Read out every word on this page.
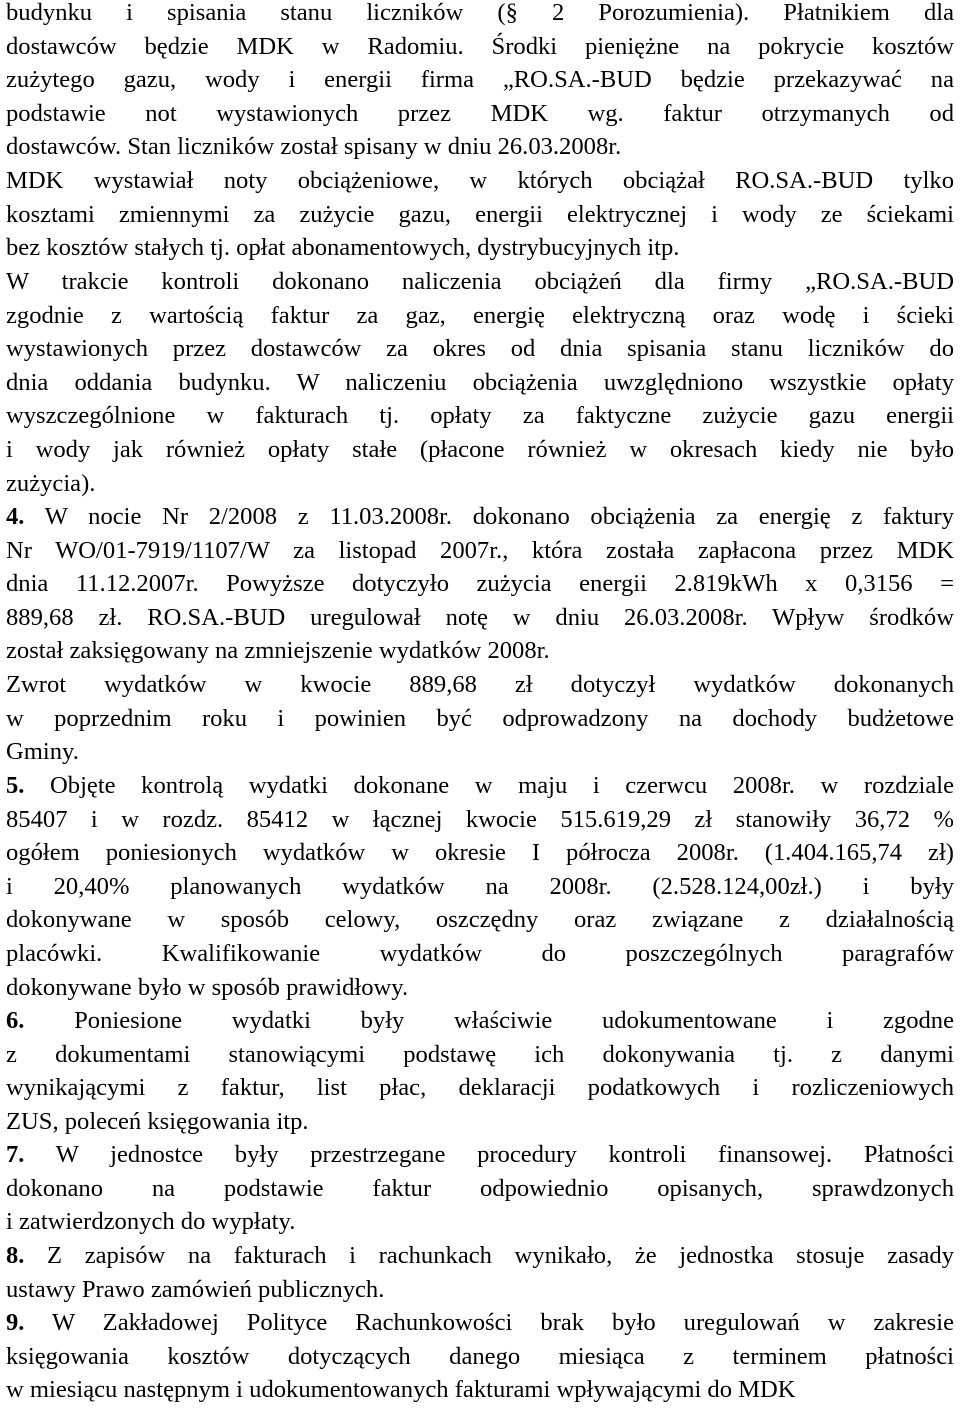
budynku i spisania stanu liczników (§ 2 Porozumienia). Płatnikiem dla
dostawców będzie MDK w Radomiu. Środki pieniężne na pokrycie kosztów
zużytego gazu, wody i energii firma „RO.SA.-BUD będzie przekazywać na
podstawie not wystawionych przez MDK wg. faktur otrzymanych od
dostawców. Stan liczników został spisany w dniu 26.03.2008r.
MDK wystawiał noty obciążeniowe, w których obciążał RO.SA.-BUD tylko
kosztami zmiennymi za zużycie gazu, energii elektrycznej i wody ze ściekami
bez kosztów stałych tj. opłat abonamentowych, dystrybucyjnych itp.
W trakcie kontroli dokonano naliczenia obciążeń dla firmy „RO.SA.-BUD
zgodnie z wartością faktur za gaz, energię elektryczną oraz wodę i ścieki
wystawionych przez dostawców za okres od dnia spisania stanu liczników do
dnia oddania budynku. W naliczeniu obciążenia uwzględniono wszystkie opłaty
wyszczególnione w fakturach tj. opłaty za faktyczne zużycie gazu energii
i wody jak również opłaty stałe (płacone również w okresach kiedy nie było
zużycia).
4. W nocie Nr 2/2008 z 11.03.2008r. dokonano obciążenia za energię z faktury
Nr WO/01-7919/1107/W za listopad 2007r., która została zapłacona przez MDK
dnia 11.12.2007r. Powyższe dotyczyło zużycia energii 2.819kWh x 0,3156 =
889,68 zł. RO.SA.-BUD uregulował notę w dniu 26.03.2008r. Wpływ środków
został zaksięgowany na zmniejszenie wydatków 2008r.
Zwrot wydatków w kwocie 889,68 zł dotyczył wydatków dokonanych
w poprzednim roku i powinien być odprowadzony na dochody budżetowe
Gminy.
5. Objęte kontrolą wydatki dokonane w maju i czerwcu 2008r. w rozdziale
85407 i w rozdz. 85412 w łącznej kwocie 515.619,29 zł stanowiły 36,72 %
ogółem poniesionych wydatków w okresie I półrocza 2008r. (1.404.165,74 zł)
i 20,40% planowanych wydatków na 2008r. (2.528.124,00zł.) i były
dokonywane w sposób celowy, oszczędny oraz związane z działalnością
placówki. Kwalifikowanie wydatków do poszczególnych paragrafów
dokonywane było w sposób prawidłowy.
6. Poniesione wydatki były właściwie udokumentowane i zgodne
z dokumentami stanowiącymi podstawę ich dokonywania tj. z danymi
wynikającymi z faktur, list płac, deklaracji podatkowych i rozliczeniowych
ZUS, poleceń księgowania itp.
7. W jednostce były przestrzegane procedury kontroli finansowej. Płatności
dokonano na podstawie faktur odpowiednio opisanych, sprawdzonych
i zatwierdzonych do wypłaty.
8. Z zapisów na fakturach i rachunkach wynikało, że jednostka stosuje zasady
ustawy Prawo zamówień publicznych.
9. W Zakładowej Polityce Rachunkowości brak było uregulowań w zakresie
księgowania kosztów dotyczących danego miesiąca z terminem płatności
w miesiącu następnym i udokumentowanych fakturami wpływającymi do MDK
